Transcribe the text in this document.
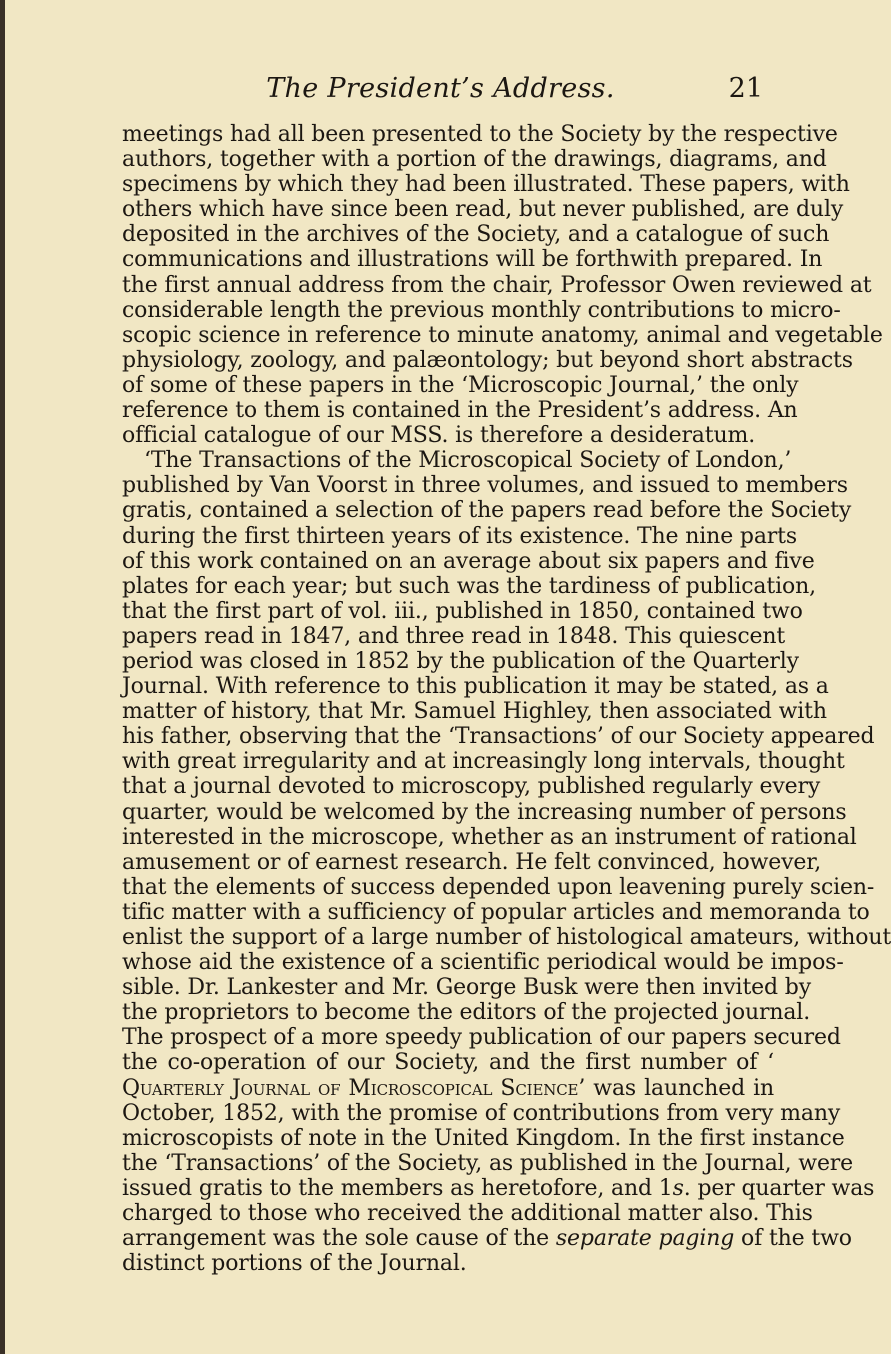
The President’s Address.	21
meetings had all been presented to the Society by the respective
authors, together with a portion of the drawings, diagrams, and
specimens by which they had been illustrated. These papers, with
others which have since been read, but never published, are duly
deposited in the archives of the Society, and a catalogue of such
communications and illustrations will be forthwith prepared. In
the first annual address from the chair, Professor Owen reviewed at
considerable length the previous monthly contributions to micro-
scopic science in reference to minute anatomy, animal and vegetable
physiology, zoology, and palæontology; but beyond short abstracts
of some of these papers in the ‘Microscopic Journal,’ the only
reference to them is contained in the President’s address. An
official catalogue of our MSS. is therefore a desideratum.
‘The Transactions of the Microscopical Society of London,’
published by Van Voorst in three volumes, and issued to members
gratis, contained a selection of the papers read before the Society
during the first thirteen years of its existence. The nine parts
of this work contained on an average about six papers and five
plates for each year; but such was the tardiness of publication,
that the first part of vol. iii., published in 1850, contained two
papers read in 1847, and three read in 1848. This quiescent
period was closed in 1852 by the publication of the Quarterly
Journal. With reference to this publication it may be stated, as a
matter of history, that Mr. Samuel Highley, then associated with
his father, observing that the ‘Transactions’ of our Society appeared
with great irregularity and at increasingly long intervals, thought
that a journal devoted to microscopy, published regularly every
quarter, would be welcomed by the increasing number of persons
interested in the microscope, whether as an instrument of rational
amusement or of earnest research. He felt convinced, however,
that the elements of success depended upon leavening purely scien-
tific matter with a sufficiency of popular articles and memoranda to
enlist the support of a large number of histological amateurs, without
whose aid the existence of a scientific periodical would be impos-
sible. Dr. Lankester and Mr. George Busk were then invited by
the proprietors to become the editors of the projected journal.
The prospect of a more speedy publication of our papers secured
the co-operation of our Society, and the first number of ‘
Quarterly Journal of Microscopical Science’ was launched in
October, 1852, with the promise of contributions from very many
microscopists of note in the United Kingdom. In the first instance
the ‘Transactions’ of the Society, as published in the Journal, were
issued gratis to the members as heretofore, and 1s. per quarter was
charged to those who received the additional matter also. This
arrangement was the sole cause of the separate paging of the two
distinct portions of the Journal.
